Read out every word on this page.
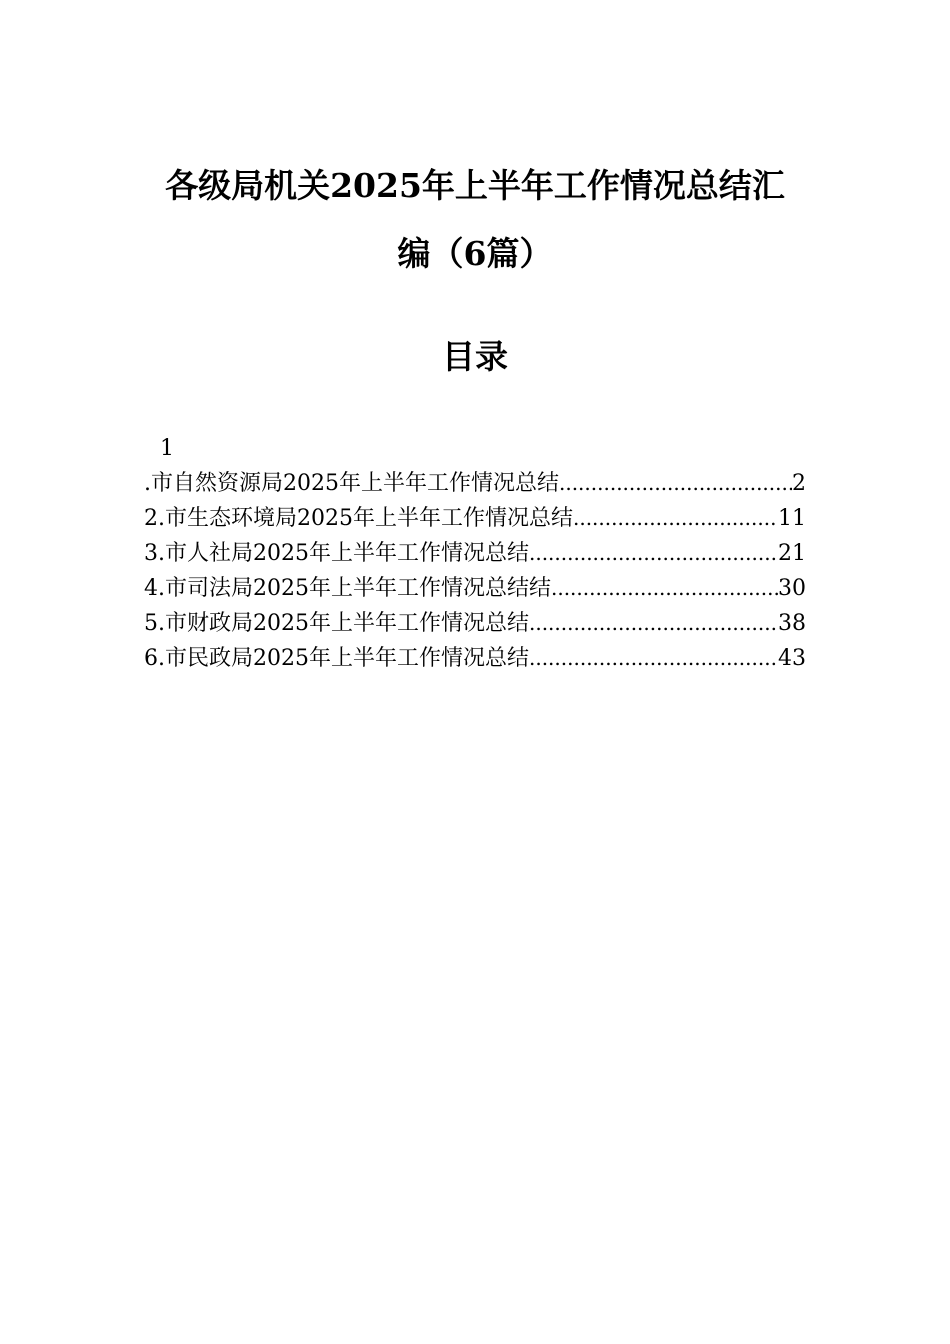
各级局机关2025年上半年工作情况总结汇
编（6篇）
目录
1
.市自然资源局2025年上半年工作情况总结 .....	2
2.市生态环境局2025年上半年工作情况总结 .....	11
3.市人社局2025年上半年工作情况总结 .....	21
4.市司法局2025年上半年工作情况总结结 .....	30
5.市财政局2025年上半年工作情况总结 .....	38
6.市民政局2025年上半年工作情况总结 .....	43
